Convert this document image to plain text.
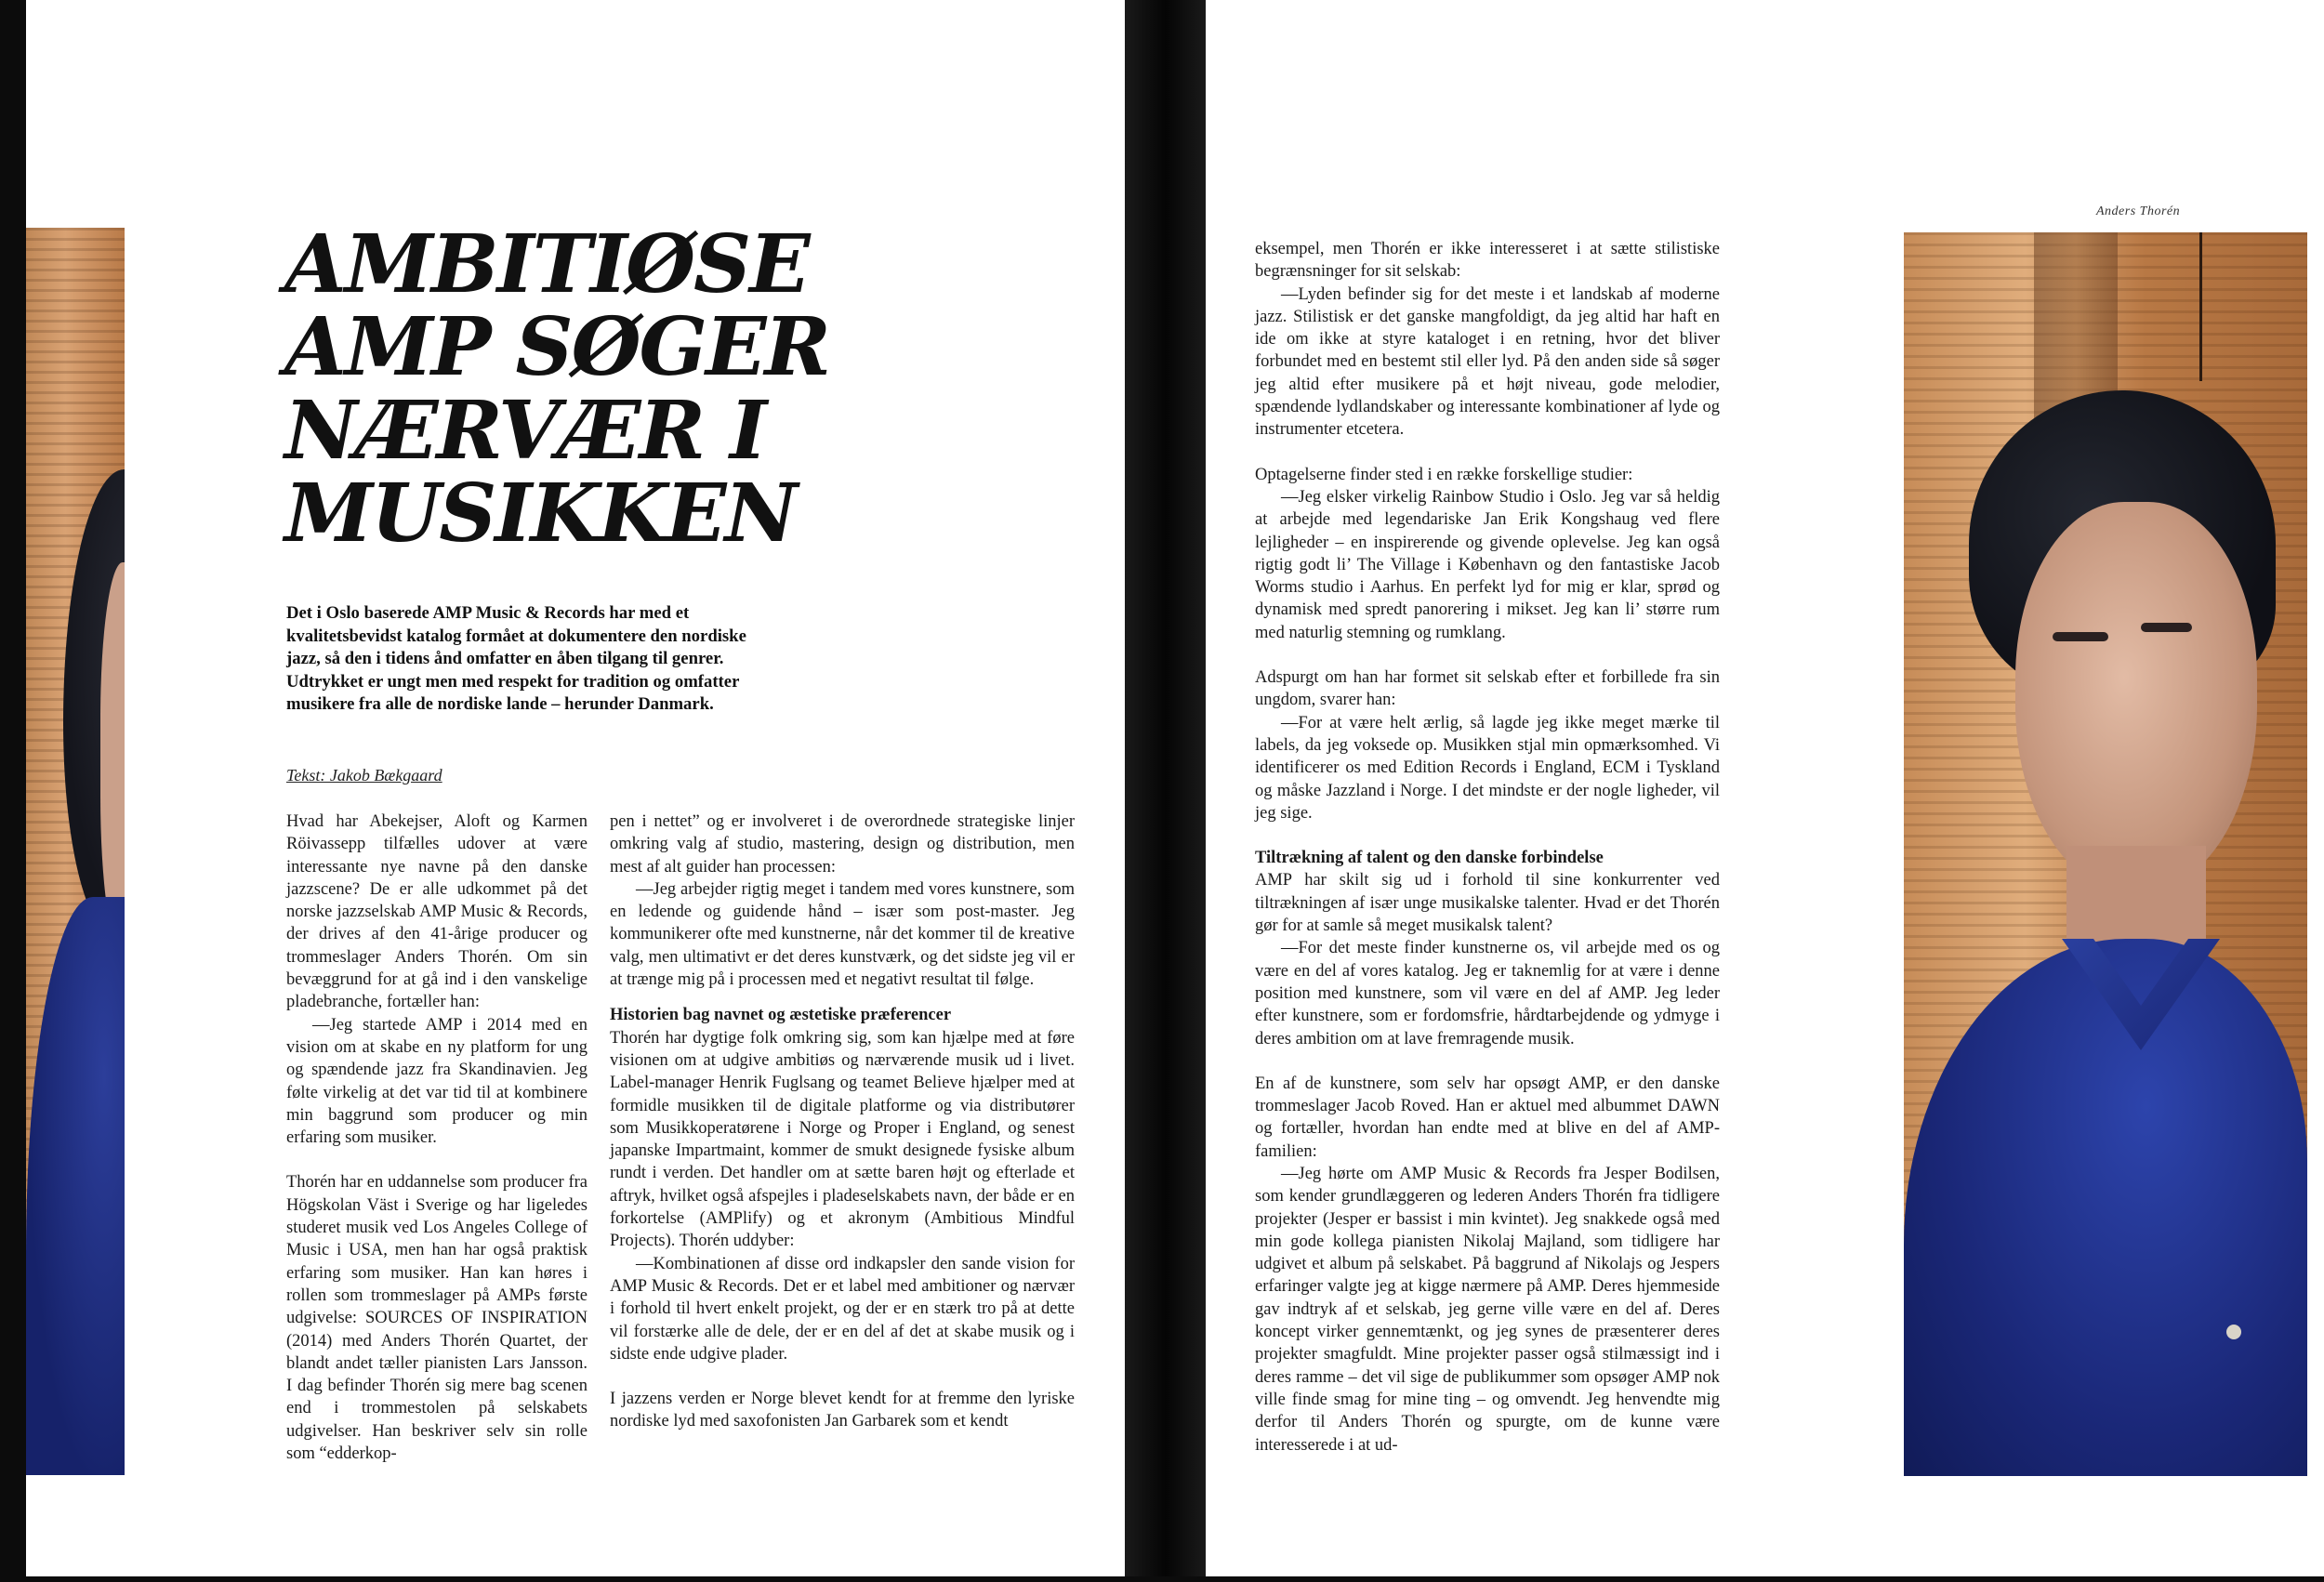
AMBITIØSE
AMP SØGER
NÆRVÆR I
MUSIKKEN

Det i Oslo baserede AMP Music & Records har med et kvalitetsbevidst katalog formået at dokumentere den nordiske jazz, så den i tidens ånd omfatter en åben tilgang til genrer. Udtrykket er ungt men med respekt for tradition og omfatter musikere fra alle de nordiske lande – herunder Danmark.

Tekst: Jakob Bækgaard

Hvad har Abekejser, Aloft og Karmen Röivassepp tilfælles udover at være interessante nye navne på den danske jazzscene? De er alle udkommet på det norske jazzselskab AMP Music & Records, der drives af den 41-årige producer og trommeslager Anders Thorén. Om sin bevæggrund for at gå ind i den vanskelige pladebranche, fortæller han:

—Jeg startede AMP i 2014 med en vision om at skabe en ny platform for ung og spændende jazz fra Skandinavien. Jeg følte virkelig at det var tid til at kombinere min baggrund som producer og min erfaring som musiker.

Thorén har en uddannelse som producer fra Högskolan Väst i Sverige og har ligeledes studeret musik ved Los Angeles College of Music i USA, men han har også praktisk erfaring som musiker. Han kan høres i rollen som trommeslager på AMPs første udgivelse: SOURCES OF INSPIRATION (2014) med Anders Thorén Quartet, der blandt andet tæller pianisten Lars Jansson. I dag befinder Thorén sig mere bag scenen end i trommestolen på selskabets udgivelser. Han beskriver selv sin rolle som “edderkop-

pen i nettet” og er involveret i de overordnede strategiske linjer omkring valg af studio, mastering, design og distribution, men mest af alt guider han processen:

—Jeg arbejder rigtig meget i tandem med vores kunstnere, som en ledende og guidende hånd – især som post-master. Jeg kommunikerer ofte med kunstnerne, når det kommer til de kreative valg, men ultimativt er det deres kunstværk, og det sidste jeg vil er at trænge mig på i processen med et negativt resultat til følge.

Historien bag navnet og æstetiske præferencer

Thorén har dygtige folk omkring sig, som kan hjælpe med at føre visionen om at udgive ambitiøs og nærværende musik ud i livet. Label-manager Henrik Fuglsang og teamet Believe hjælper med at formidle musikken til de digitale platforme og via distributører som Musikkoperatørene i Norge og Proper i England, og senest japanske Impartmaint, kommer de smukt designede fysiske album rundt i verden. Det handler om at sætte baren højt og efterlade et aftryk, hvilket også afspejles i pladeselskabets navn, der både er en forkortelse (AMPlify) og et akronym (Ambitious Mindful Projects). Thorén uddyber:

—Kombinationen af disse ord indkapsler den sande vision for AMP Music & Records. Det er et label med ambitioner og nærvær i forhold til hvert enkelt projekt, og der er en stærk tro på at dette vil forstærke alle de dele, der er en del af det at skabe musik og i sidste ende udgive plader.

I jazzens verden er Norge blevet kendt for at fremme den lyriske nordiske lyd med saxofonisten Jan Garbarek som et kendt

Anders Thorén

eksempel, men Thorén er ikke interesseret i at sætte stilistiske begrænsninger for sit selskab:

—Lyden befinder sig for det meste i et landskab af moderne jazz. Stilistisk er det ganske mangfoldigt, da jeg altid har haft en ide om ikke at styre kataloget i en retning, hvor det bliver forbundet med en bestemt stil eller lyd. På den anden side så søger jeg altid efter musikere på et højt niveau, gode melodier, spændende lydlandskaber og interessante kombinationer af lyde og instrumenter etcetera.

Optagelserne finder sted i en række forskellige studier:

—Jeg elsker virkelig Rainbow Studio i Oslo. Jeg var så heldig at arbejde med legendariske Jan Erik Kongshaug ved flere lejligheder – en inspirerende og givende oplevelse. Jeg kan også rigtig godt li’ The Village i København og den fantastiske Jacob Worms studio i Aarhus. En perfekt lyd for mig er klar, sprød og dynamisk med spredt panorering i mikset. Jeg kan li’ større rum med naturlig stemning og rumklang.

Adspurgt om han har formet sit selskab efter et forbillede fra sin ungdom, svarer han:

—For at være helt ærlig, så lagde jeg ikke meget mærke til labels, da jeg voksede op. Musikken stjal min opmærksomhed. Vi identificerer os med Edition Records i England, ECM i Tyskland og måske Jazzland i Norge. I det mindste er der nogle ligheder, vil jeg sige.

Tiltrækning af talent og den danske forbindelse

AMP har skilt sig ud i forhold til sine konkurrenter ved tiltrækningen af især unge musikalske talenter. Hvad er det Thorén gør for at samle så meget musikalsk talent?

—For det meste finder kunstnerne os, vil arbejde med os og være en del af vores katalog. Jeg er taknemlig for at være i denne position med kunstnere, som vil være en del af AMP. Jeg leder efter kunstnere, som er fordomsfrie, hårdtarbejdende og ydmyge i deres ambition om at lave fremragende musik.

En af de kunstnere, som selv har opsøgt AMP, er den danske trommeslager Jacob Roved. Han er aktuel med albummet DAWN og fortæller, hvordan han endte med at blive en del af AMP-familien:

—Jeg hørte om AMP Music & Records fra Jesper Bodilsen, som kender grundlæggeren og lederen Anders Thorén fra tidligere projekter (Jesper er bassist i min kvintet). Jeg snakkede også med min gode kollega pianisten Nikolaj Majland, som tidligere har udgivet et album på selskabet. På baggrund af Nikolajs og Jespers erfaringer valgte jeg at kigge nærmere på AMP. Deres hjemmeside gav indtryk af et selskab, jeg gerne ville være en del af. Deres koncept virker gennemtænkt, og jeg synes de præsenterer deres projekter smagfuldt. Mine projekter passer også stilmæssigt ind i deres ramme – det vil sige de publikummer som opsøger AMP nok ville finde smag for mine ting – og omvendt. Jeg henvendte mig derfor til Anders Thorén og spurgte, om de kunne være interesserede i at ud-
